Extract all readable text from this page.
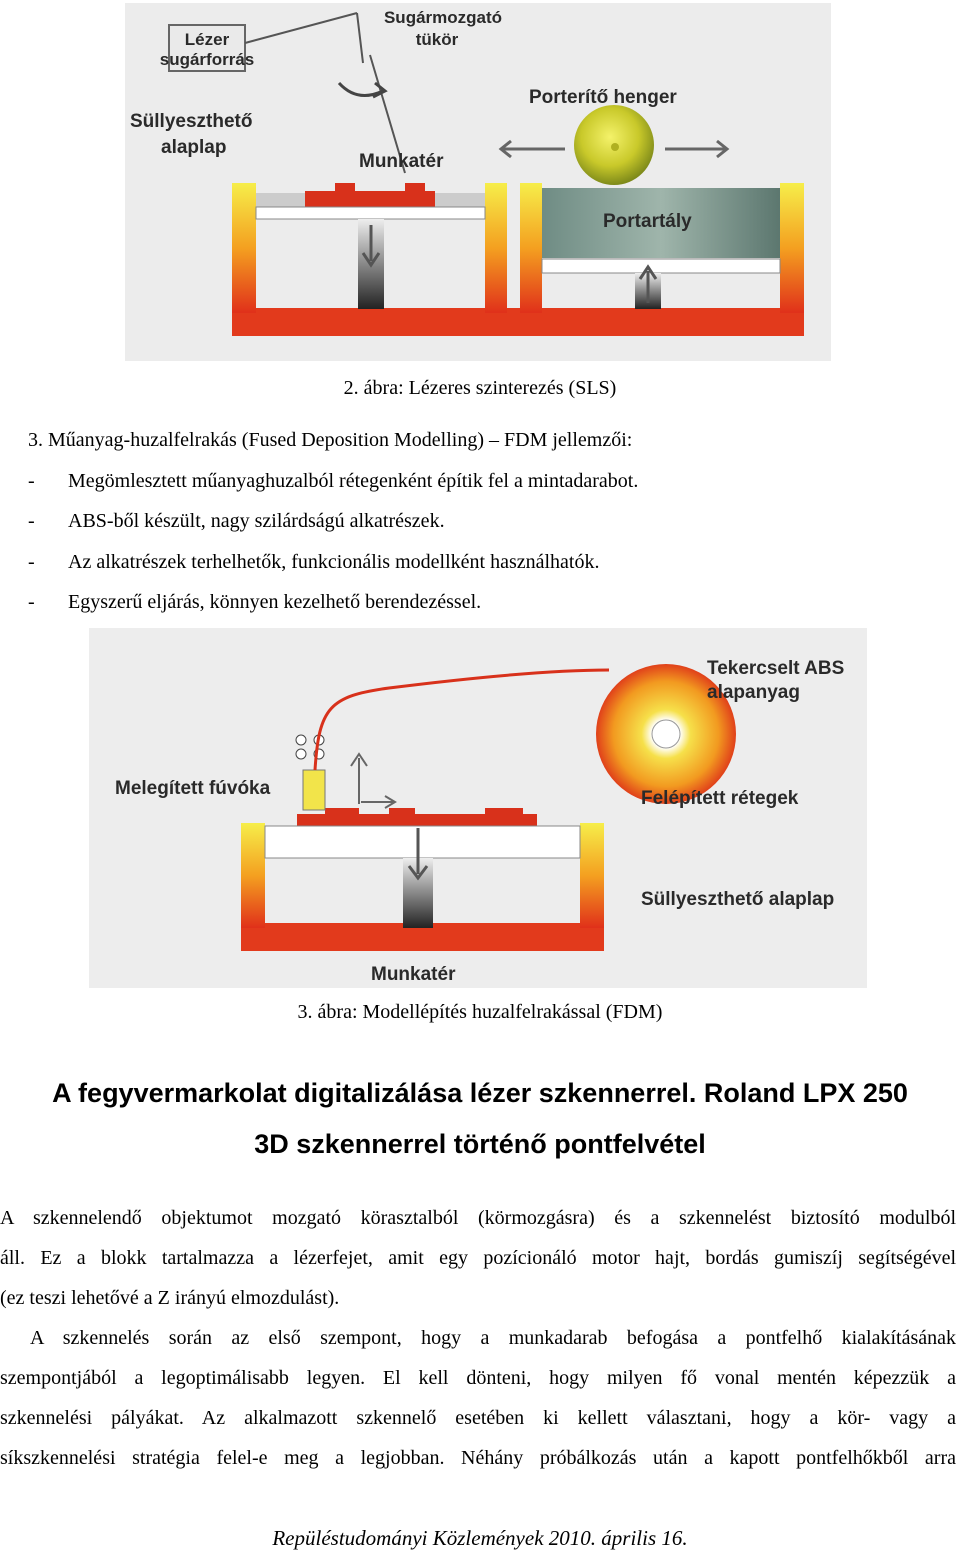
Lézer
sugárforrás
Sugármozgató
tükör
Süllyeszthető
alaplap
Porterítő henger
Munkatér
Portartály
2. ábra: Lézeres szinterezés (SLS)
3. Műanyag-huzalfelrakás (Fused Deposition Modelling) – FDM jellemzői:
- Megömlesztett műanyaghuzalból rétegenként építik fel a mintadarabot.
- ABS-ből készült, nagy szilárdságú alkatrészek.
- Az alkatrészek terhelhetők, funkcionális modellként használhatók.
- Egyszerű eljárás, könnyen kezelhető berendezéssel.
Tekercselt ABS
alapanyag
Melegített fúvóka	Felépített rétegek
Süllyeszthető alaplap
Munkatér
3. ábra: Modellépítés huzalfelrakással (FDM)
A fegyvermarkolat digitalizálása lézer szkennerrel. Roland LPX 250
3D szkennerrel történő pontfelvétel
A szkennelendő objektumot mozgató körasztalból (körmozgásra) és a szkennelést biztosító modulból
áll. Ez a blokk tartalmazza a lézerfejet, amit egy pozícionáló motor hajt, bordás gumiszíj segítségével
(ez teszi lehetővé a Z irányú elmozdulást).
A szkennelés során az első szempont, hogy a munkadarab befogása a pontfelhő kialakításának
szempontjából a legoptimálisabb legyen. El kell dönteni, hogy milyen fő vonal mentén képezzük a
szkennelési pályákat. Az alkalmazott szkennelő esetében ki kellett választani, hogy a kör- vagy a
síkszkennelési stratégia felel-e meg a legjobban. Néhány próbálkozás után a kapott pontfelhőkből arra
Repüléstudományi Közlemények 2010. április 16.
